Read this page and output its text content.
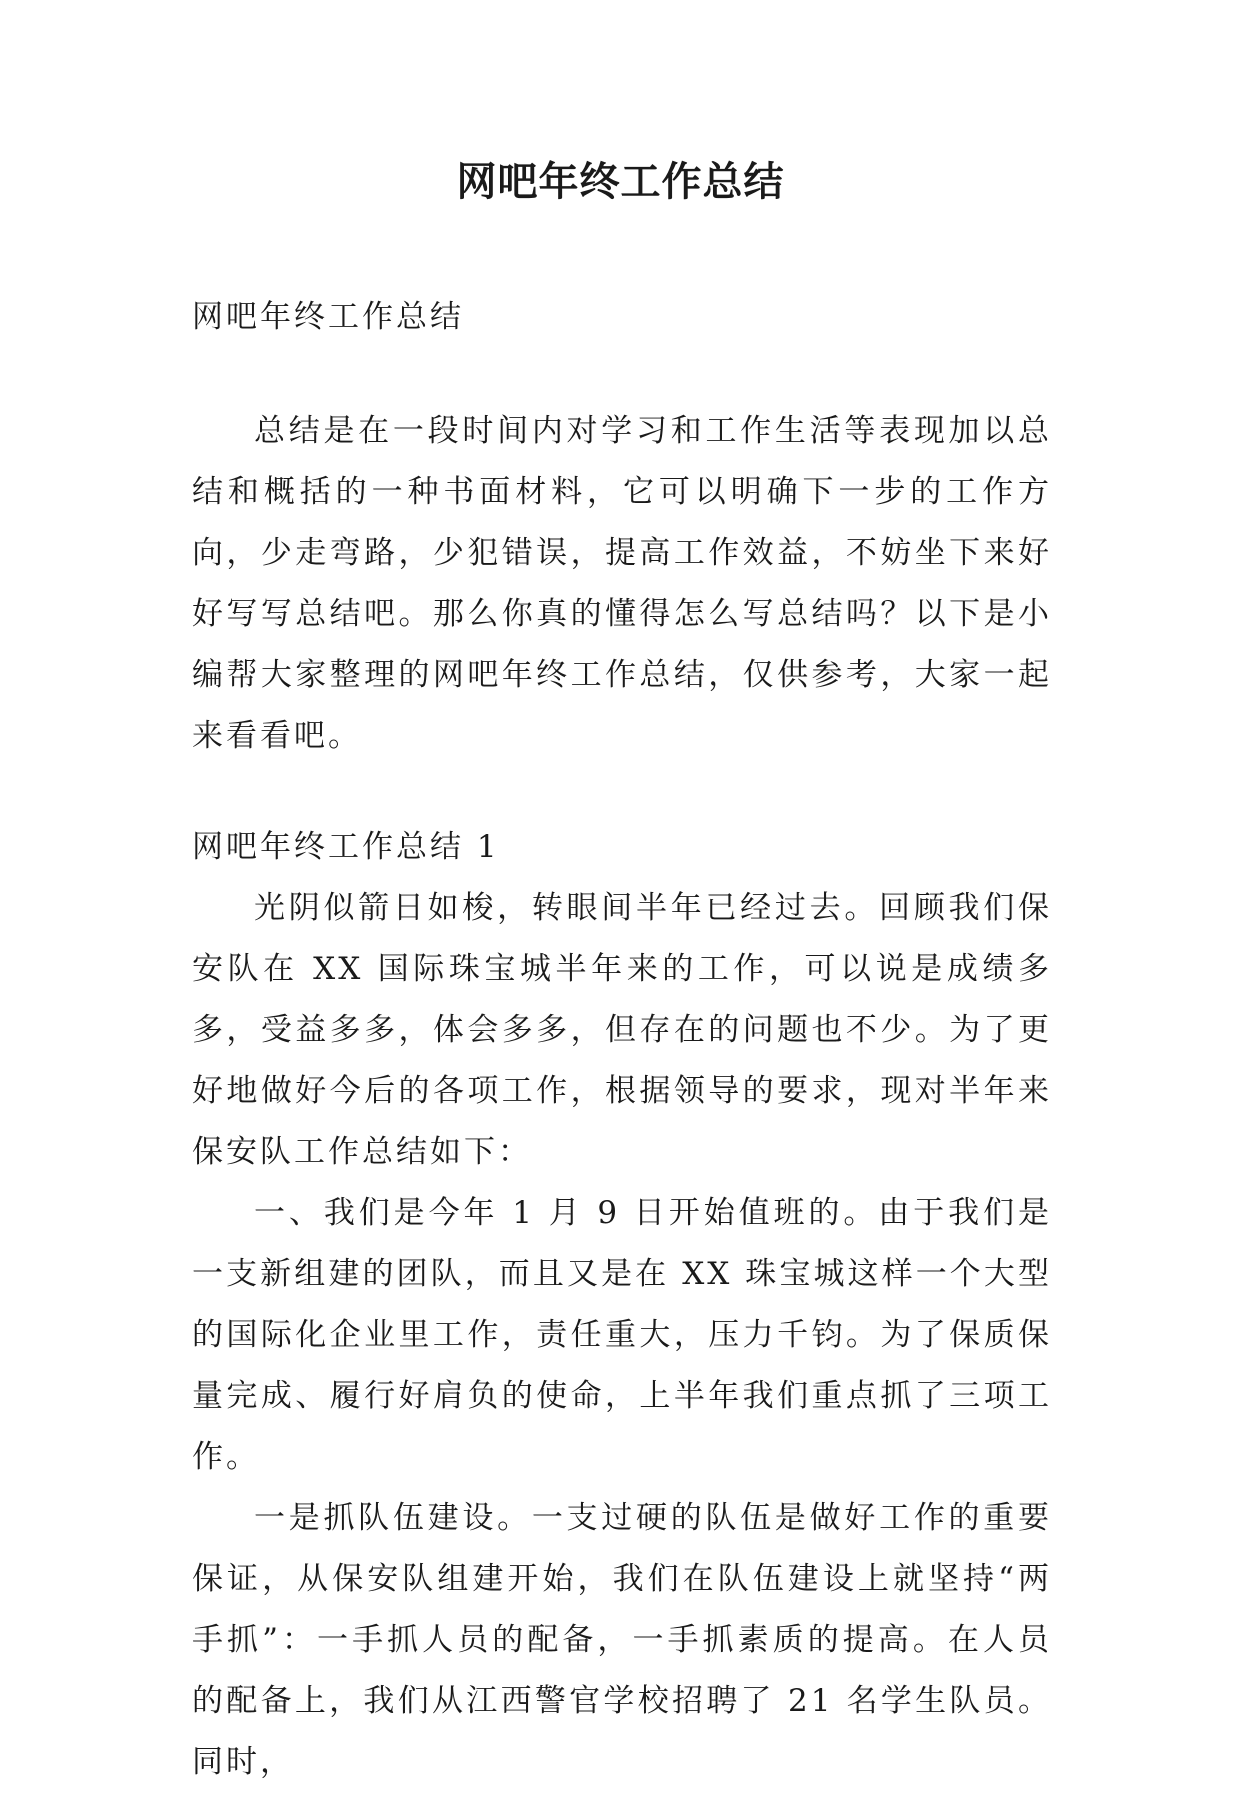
网吧年终工作总结
网吧年终工作总结

总结是在一段时间内对学习和工作生活等表现加以总结和概括的一种书面材料，它可以明确下一步的工作方向，少走弯路，少犯错误，提高工作效益，不妨坐下来好好写写总结吧。那么你真的懂得怎么写总结吗？以下是小编帮大家整理的网吧年终工作总结，仅供参考，大家一起来看看吧。

网吧年终工作总结 1

光阴似箭日如梭，转眼间半年已经过去。回顾我们保安队在 XX 国际珠宝城半年来的工作，可以说是成绩多多，受益多多，体会多多，但存在的问题也不少。为了更好地做好今后的各项工作，根据领导的要求，现对半年来保安队工作总结如下：

一、我们是今年 1 月 9 日开始值班的。由于我们是一支新组建的团队，而且又是在 XX 珠宝城这样一个大型的国际化企业里工作，责任重大，压力千钧。为了保质保量完成、履行好肩负的使命，上半年我们重点抓了三项工作。

一是抓队伍建设。一支过硬的队伍是做好工作的重要保证，从保安队组建开始，我们在队伍建设上就坚持“两手抓”：一手抓人员的配备，一手抓素质的提高。在人员的配备上，我们从江西警官学校招聘了 21 名学生队员。同时，
